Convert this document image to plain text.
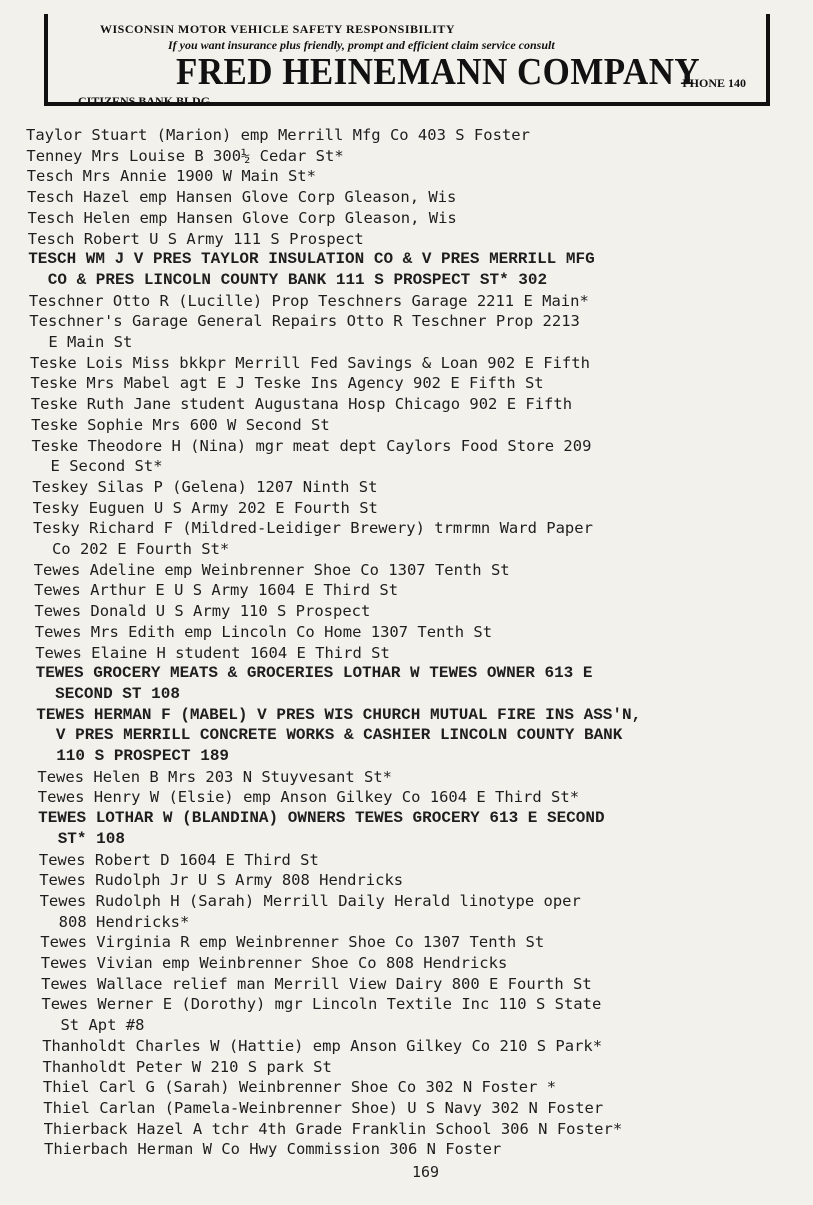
WISCONSIN MOTOR VEHICLE SAFETY RESPONSIBILITY
If you want insurance plus friendly, prompt and efficient claim service consult
FRED HEINEMANN COMPANY
PHONE 140
CITIZENS BANK BLDG.
Taylor Stuart (Marion) emp Merrill Mfg Co 403 S Foster
Tenney Mrs Louise B 300½ Cedar St*
Tesch Mrs Annie 1900 W Main St*
Tesch Hazel emp Hansen Glove Corp Gleason, Wis
Tesch Helen emp Hansen Glove Corp Gleason, Wis
Tesch Robert U S Army 111 S Prospect
TESCH WM J V PRES TAYLOR INSULATION CO & V PRES MERRILL MFG
CO & PRES LINCOLN COUNTY BANK 111 S PROSPECT ST* 302
Teschner Otto R (Lucille) Prop Teschners Garage 2211 E Main*
Teschner's Garage General Repairs Otto R Teschner Prop 2213
E Main St
Teske Lois Miss bkkpr Merrill Fed Savings & Loan 902 E Fifth
Teske Mrs Mabel agt E J Teske Ins Agency 902 E Fifth St
Teske Ruth Jane student Augustana Hosp Chicago 902 E Fifth
Teske Sophie Mrs 600 W Second St
Teske Theodore H (Nina) mgr meat dept Caylors Food Store 209
E Second St*
Teskey Silas P (Gelena) 1207 Ninth St
Tesky Euguen U S Army 202 E Fourth St
Tesky Richard F (Mildred-Leidiger Brewery) trmrmn Ward Paper
Co 202 E Fourth St*
Tewes Adeline emp Weinbrenner Shoe Co 1307 Tenth St
Tewes Arthur E U S Army 1604 E Third St
Tewes Donald U S Army 110 S Prospect
Tewes Mrs Edith emp Lincoln Co Home 1307 Tenth St
Tewes Elaine H student 1604 E Third St
TEWES GROCERY MEATS & GROCERIES LOTHAR W TEWES OWNER 613 E
SECOND ST 108
TEWES HERMAN F (MABEL) V PRES WIS CHURCH MUTUAL FIRE INS ASS'N,
V PRES MERRILL CONCRETE WORKS & CASHIER LINCOLN COUNTY BANK
110 S PROSPECT 189
Tewes Helen B Mrs 203 N Stuyvesant St*
Tewes Henry W (Elsie) emp Anson Gilkey Co 1604 E Third St*
TEWES LOTHAR W (BLANDINA) OWNERS TEWES GROCERY 613 E SECOND
ST* 108
Tewes Robert D 1604 E Third St
Tewes Rudolph Jr U S Army 808 Hendricks
Tewes Rudolph H (Sarah) Merrill Daily Herald linotype oper
808 Hendricks*
Tewes Virginia R emp Weinbrenner Shoe Co 1307 Tenth St
Tewes Vivian emp Weinbrenner Shoe Co 808 Hendricks
Tewes Wallace relief man Merrill View Dairy 800 E Fourth St
Tewes Werner E (Dorothy) mgr Lincoln Textile Inc 110 S State
St Apt #8
Thanholdt Charles W (Hattie) emp Anson Gilkey Co 210 S Park*
Thanholdt Peter W 210 S park St
Thiel Carl G (Sarah) Weinbrenner Shoe Co 302 N Foster *
Thiel Carlan (Pamela-Weinbrenner Shoe) U S Navy 302 N Foster
Thierback Hazel A tchr 4th Grade Franklin School 306 N Foster*
Thierbach Herman W Co Hwy Commission 306 N Foster
169
